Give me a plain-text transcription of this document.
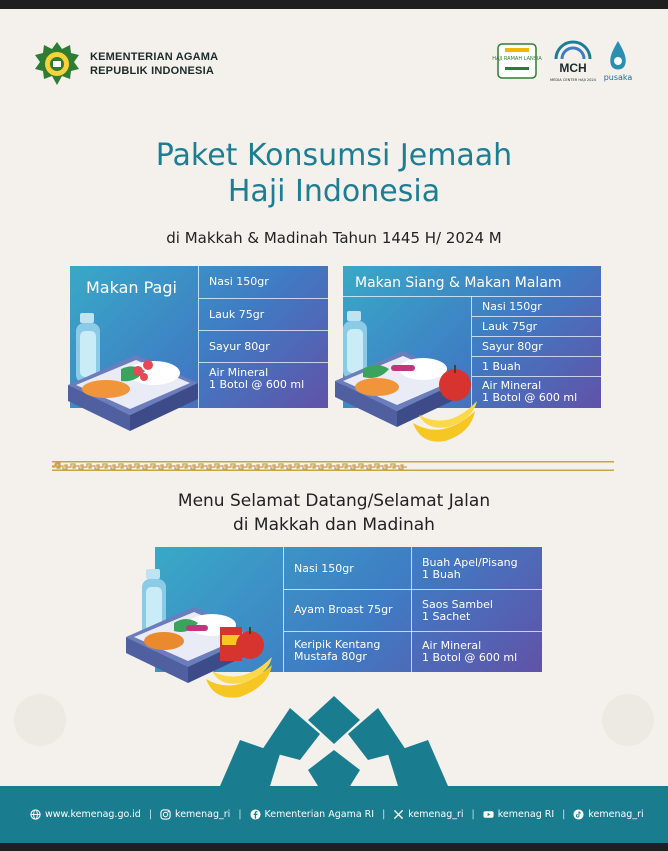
KEMENTERIAN AGAMA
REPUBLIK INDONESIA
HAJI RAMAH LANSIA
MCH
MEDIA CENTER HAJI 2024 pusaka
Paket Konsumsi Jemaah
Haji Indonesia
di Makkah & Madinah Tahun 1445 H/ 2024 M
Makan Pagi	Nasi 150gr
Lauk 75gr
Sayur 80gr
Air Mineral
1 Botol @ 600 ml
Makan Siang & Makan Malam
Nasi 150gr
Lauk 75gr
Sayur 80gr
1 Buah
Air Mineral
1 Botol @ 600 ml
Menu Selamat Datang/Selamat Jalan
di Makkah dan Madinah
Nasi 150gr
Ayam Broast 75gr
Keripik Kentang
Mustafa 80gr
Buah Apel/Pisang
1 Buah
Saos Sambel
1 Sachet
Air Mineral
1 Botol @ 600 ml
www.kemenag.go.id | kemenag_ri | Kementerian Agama RI | kemenag_ri | kemenag RI | kemenag_ri
